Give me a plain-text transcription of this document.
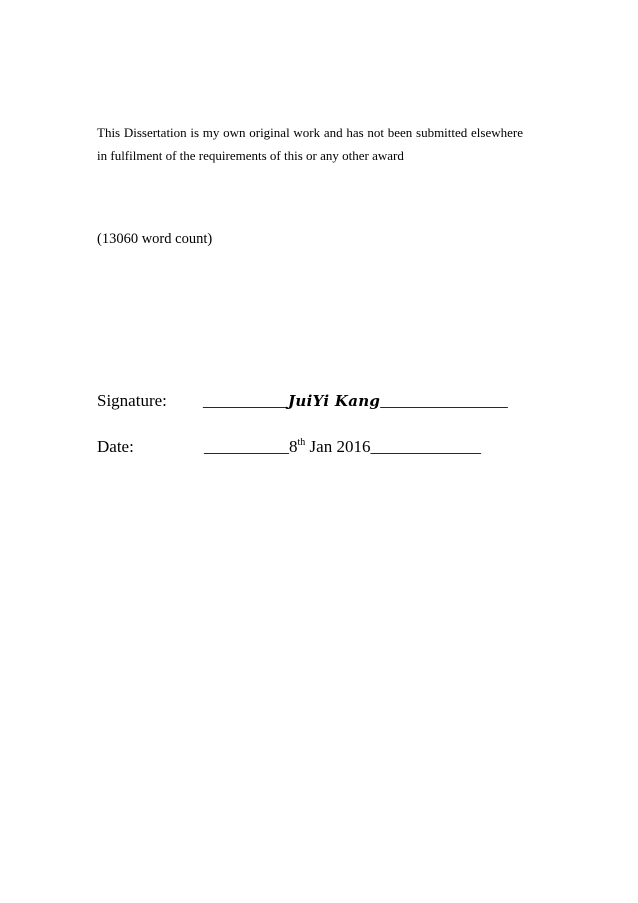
This Dissertation is my own original work and has not been submitted elsewhere in fulfilment of the requirements of this or any other award

(13060 word count)

Signature: __________JuiYi Kang_______________
Date:	__________8th Jan 2016_____________
